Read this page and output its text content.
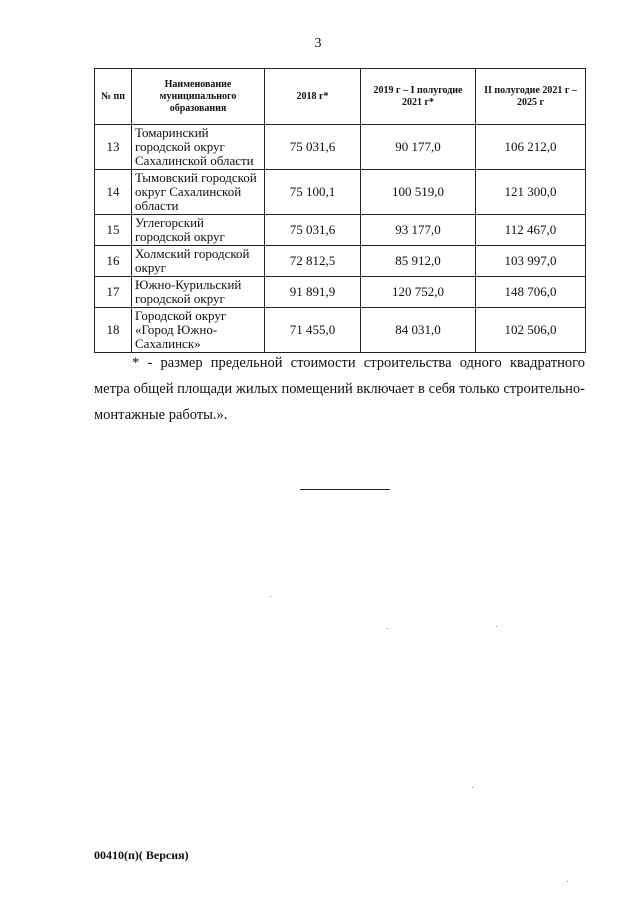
3
№ пп	Наименование муниципального образования	2018 г*	2019 г – I полугодие 2021 г*	II полугодие 2021 г – 2025 г
13	Томаринский городской округ Сахалинской области	75 031,6	90 177,0	106 212,0
14	Тымовский городской округ Сахалинской области	75 100,1	100 519,0	121 300,0
15	Углегорский городской округ	75 031,6	93 177,0	112 467,0
16	Холмский городской округ	72 812,5	85 912,0	103 997,0
17	Южно-Курильский городской округ	91 891,9	120 752,0	148 706,0
18	Городской округ «Город Южно-Сахалинск»	71 455,0	84 031,0	102 506,0
* - размер предельной стоимости строительства одного квадратного метра общей площади жилых помещений включает в себя только строительно-монтажные работы.».
00410(п)( Версия)
